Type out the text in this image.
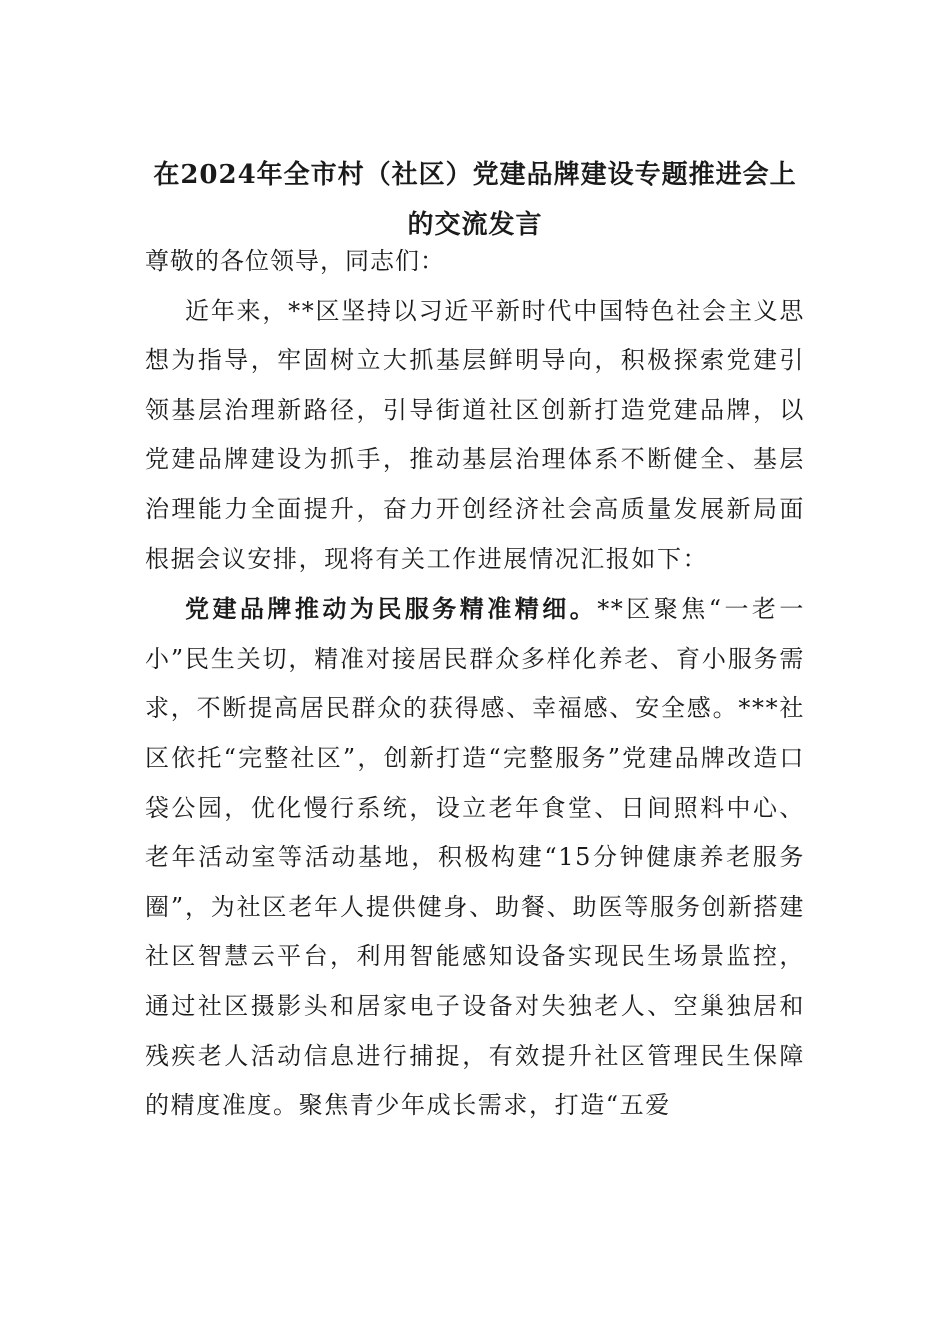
在2024年全市村（社区）党建品牌建设专题推进会上的交流发言

尊敬的各位领导，同志们：

近年来，**区坚持以习近平新时代中国特色社会主义思想为指导，牢固树立大抓基层鲜明导向，积极探索党建引领基层治理新路径，引导街道社区创新打造党建品牌，以党建品牌建设为抓手，推动基层治理体系不断健全、基层治理能力全面提升，奋力开创经济社会高质量发展新局面根据会议安排，现将有关工作进展情况汇报如下：

党建品牌推动为民服务精准精细。**区聚焦“一老一小”民生关切，精准对接居民群众多样化养老、育小服务需求，不断提高居民群众的获得感、幸福感、安全感。***社区依托“完整社区”，创新打造“完整服务”党建品牌改造口袋公园，优化慢行系统，设立老年食堂、日间照料中心、老年活动室等活动基地，积极构建“15分钟健康养老服务圈”，为社区老年人提供健身、助餐、助医等服务创新搭建社区智慧云平台，利用智能感知设备实现民生场景监控，通过社区摄影头和居家电子设备对失独老人、空巢独居和残疾老人活动信息进行捕捉，有效提升社区管理民生保障的精度准度。聚焦青少年成长需求，打造“五爱
